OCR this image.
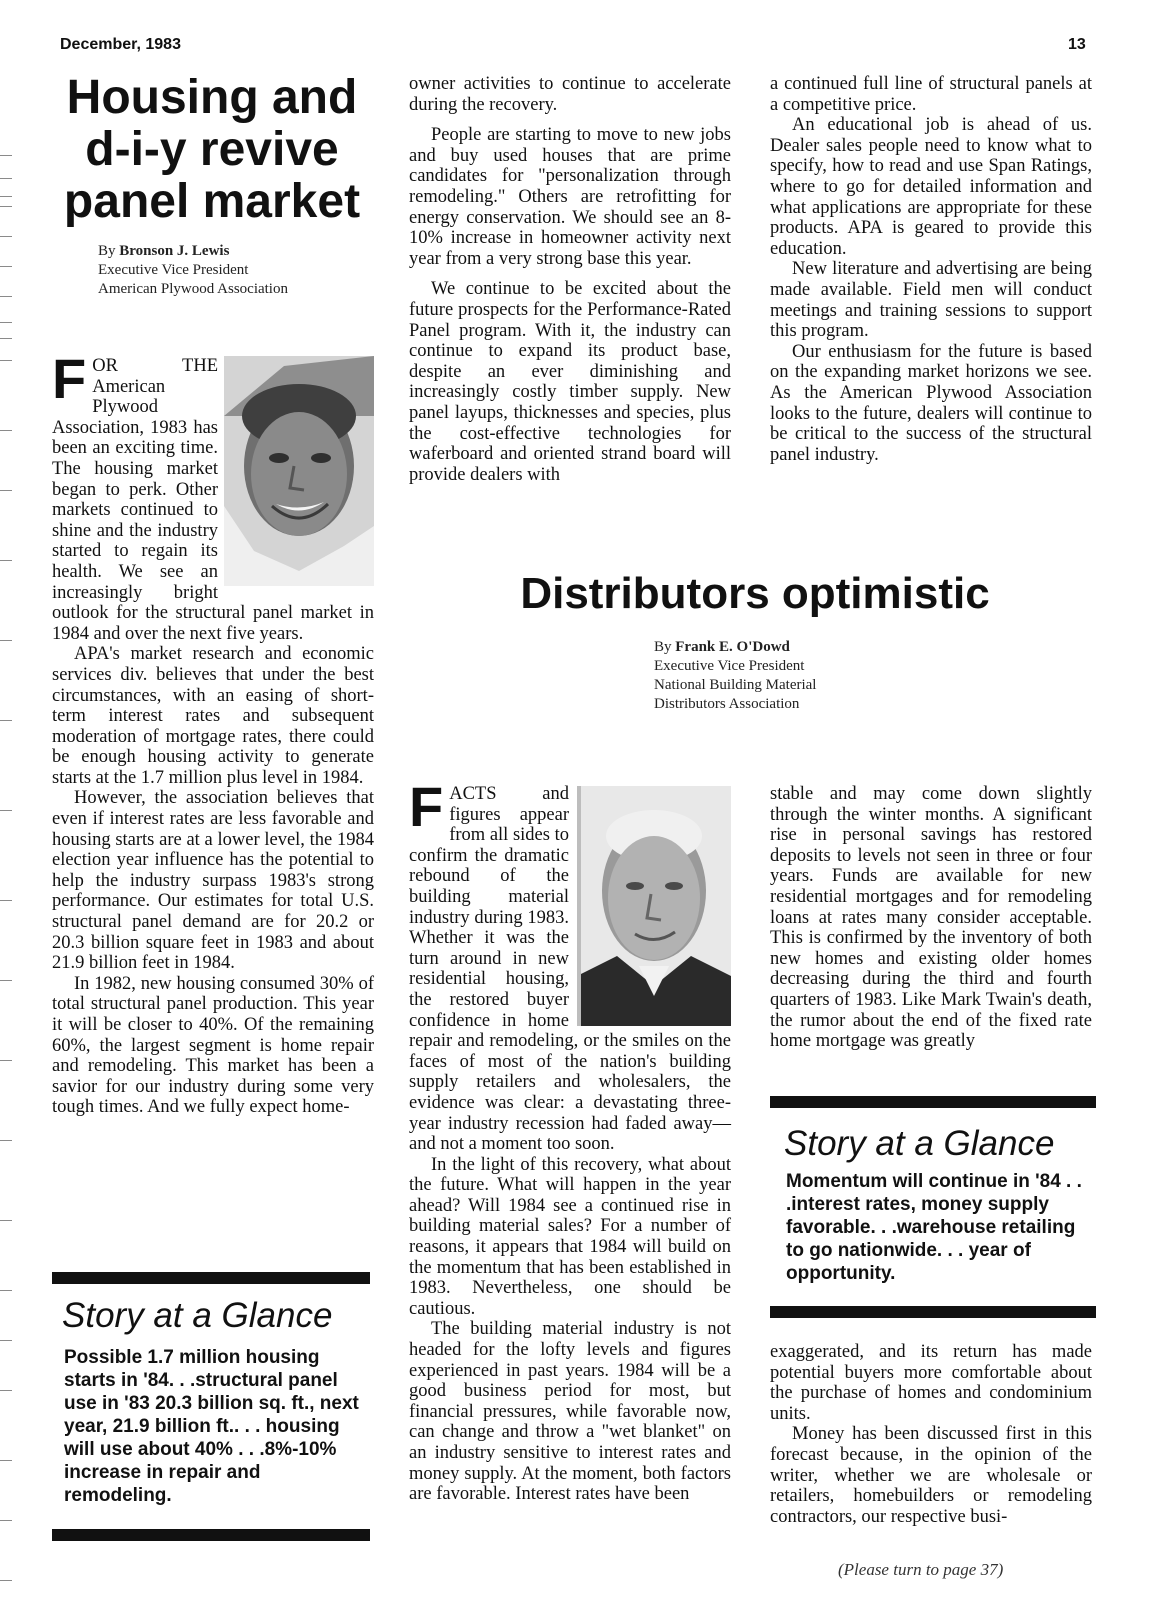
December, 1983	13
Housing and
d-i-y revive
panel market
By Bronson J. Lewis
Executive Vice President
American Plywood Association

F OR THE American Plywood Association, 1983 has been an exciting time. The housing market began to perk. Other markets continued to shine and the industry started to regain its health. We see an increasingly bright outlook for the structural panel market in 1984 and over the next five years.

APA's market research and economic services div. believes that under the best circumstances, with an easing of short-term interest rates and subsequent moderation of mortgage rates, there could be enough housing activity to generate starts at the 1.7 million plus level in 1984.

However, the association believes that even if interest rates are less favorable and housing starts are at a lower level, the 1984 election year influence has the potential to help the industry surpass 1983's strong performance. Our estimates for total U.S. structural panel demand are for 20.2 or 20.3 billion square feet in 1983 and about 21.9 billion feet in 1984.

In 1982, new housing consumed 30% of total structural panel production. This year it will be closer to 40%. Of the remaining 60%, the largest segment is home repair and remodeling. This market has been a savior for our industry during some very tough times. And we fully expect home-

Story at a Glance
Possible 1.7 million housing starts in '84. . .structural panel use in '83 20.3 billion sq. ft., next year, 21.9 billion ft.. . . housing will use about 40% . . .8%-10% increase in repair and remodeling.

owner activities to continue to accelerate during the recovery.

People are starting to move to new jobs and buy used houses that are prime candidates for "personalization through remodeling." Others are retrofitting for energy conservation. We should see an 8-10% increase in homeowner activity next year from a very strong base this year.

We continue to be excited about the future prospects for the Performance-Rated Panel program. With it, the industry can continue to expand its product base, despite an ever diminishing and increasingly costly timber supply. New panel layups, thicknesses and species, plus the cost-effective technologies for waferboard and oriented strand board will provide dealers with

a continued full line of structural panels at a competitive price.

An educational job is ahead of us. Dealer sales people need to know what to specify, how to read and use Span Ratings, where to go for detailed information and what applications are appropriate for these products. APA is geared to provide this education.

New literature and advertising are being made available. Field men will conduct meetings and training sessions to support this program.

Our enthusiasm for the future is based on the expanding market horizons we see. As the American Plywood Association looks to the future, dealers will continue to be critical to the success of the structural panel industry.

Distributors optimistic
By Frank E. O'Dowd
Executive Vice President
National Building Material
Distributors Association

F ACTS and figures appear from all sides to confirm the dramatic rebound of the building material industry during 1983. Whether it was the turn around in new residential housing, the restored buyer confidence in home repair and remodeling, or the smiles on the faces of most of the nation's building supply retailers and wholesalers, the evidence was clear: a devastating three-year industry recession had faded away—and not a moment too soon.

In the light of this recovery, what about the future. What will happen in the year ahead? Will 1984 see a continued rise in building material sales? For a number of reasons, it appears that 1984 will build on the momentum that has been established in 1983. Nevertheless, one should be cautious.

The building material industry is not headed for the lofty levels and figures experienced in past years. 1984 will be a good business period for most, but financial pressures, while favorable now, can change and throw a "wet blanket" on an industry sensitive to interest rates and money supply. At the moment, both factors are favorable. Interest rates have been

stable and may come down slightly through the winter months. A significant rise in personal savings has restored deposits to levels not seen in three or four years. Funds are available for new residential mortgages and for remodeling loans at rates many consider acceptable. This is confirmed by the inventory of both new homes and existing older homes decreasing during the third and fourth quarters of 1983. Like Mark Twain's death, the rumor about the end of the fixed rate home mortgage was greatly

Story at a Glance
Momentum will continue in '84 . . .interest rates, money supply favorable. . .warehouse retailing to go nationwide. . . year of opportunity.

exaggerated, and its return has made potential buyers more comfortable about the purchase of homes and condominium units.

Money has been discussed first in this forecast because, in the opinion of the writer, whether we are wholesale or retailers, homebuilders or remodeling contractors, our respective busi-

(Please turn to page 37)
